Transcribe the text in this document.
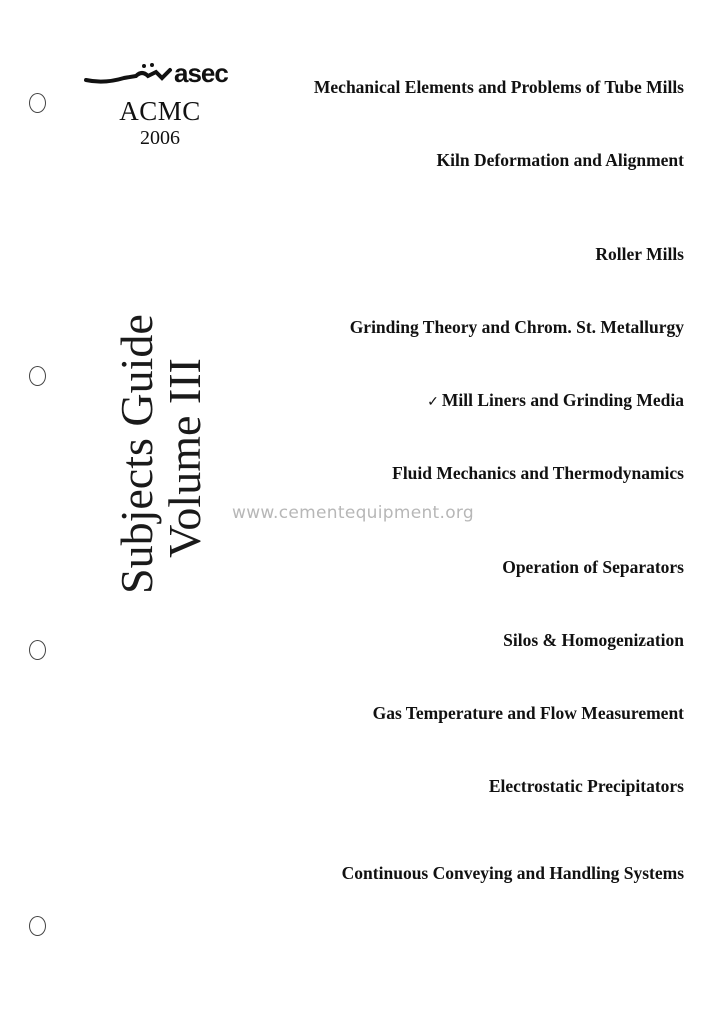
asec
ACMC
2006
Subjects Guide
Volume III www.cementequipment.org
Mechanical Elements and Problems of Tube Mills
Kiln Deformation and Alignment
Roller Mills
Grinding Theory and Chrom. St. Metallurgy
✓ Mill Liners and Grinding Media
Fluid Mechanics and Thermodynamics
Operation of Separators
Silos & Homogenization
Gas Temperature and Flow Measurement
Electrostatic Precipitators
Continuous Conveying and Handling Systems
